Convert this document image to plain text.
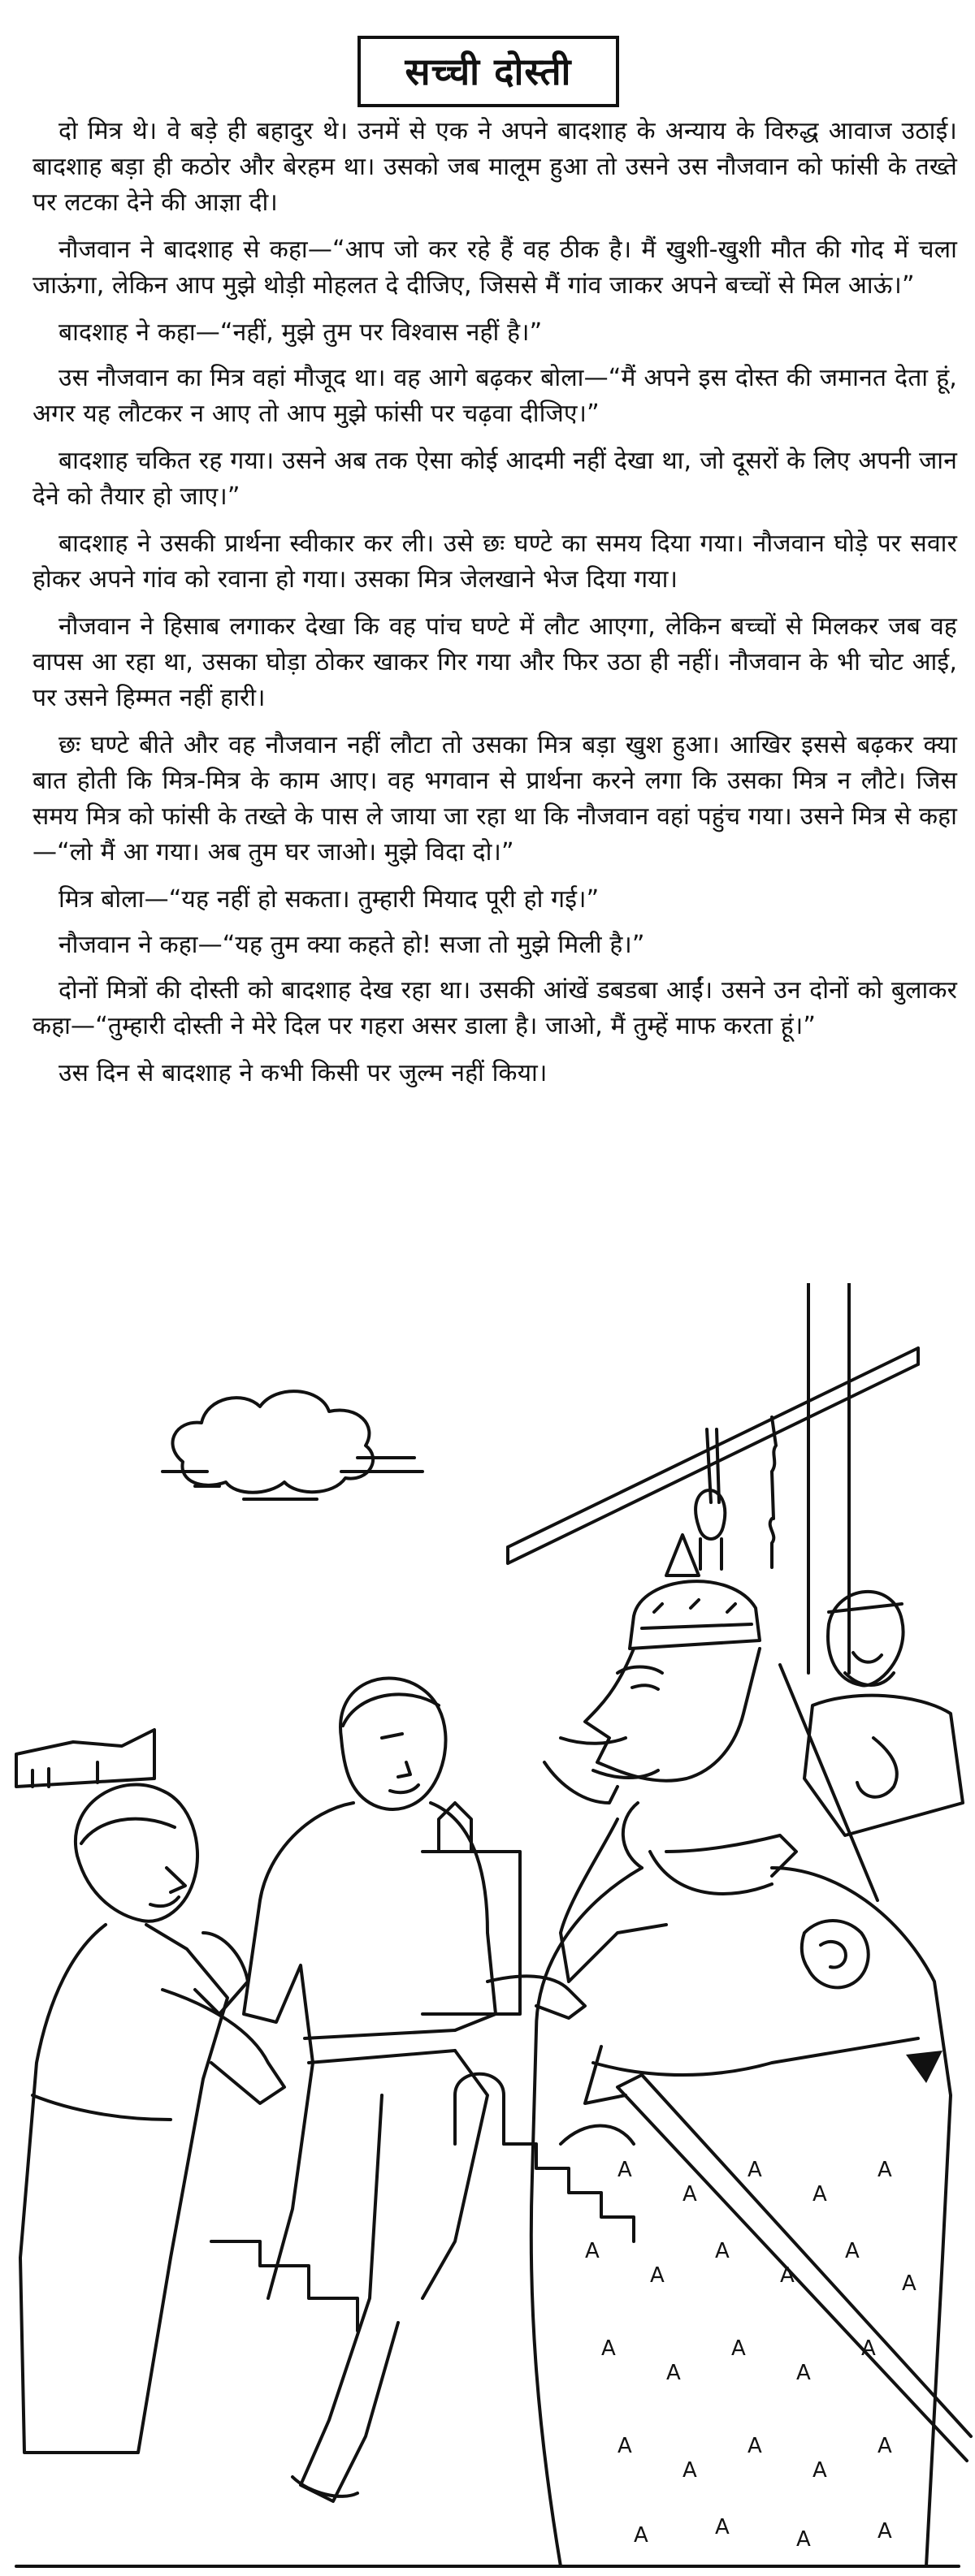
सच्ची दोस्ती

दो मित्र थे। वे बड़े ही बहादुर थे। उनमें से एक ने अपने बादशाह के अन्याय के विरुद्ध आवाज उठाई। बादशाह बड़ा ही कठोर और बेरहम था। उसको जब मालूम हुआ तो उसने उस नौजवान को फांसी के तख्ते पर लटका देने की आज्ञा दी।

नौजवान ने बादशाह से कहा—“आप जो कर रहे हैं वह ठीक है। मैं खुशी-खुशी मौत की गोद में चला जाऊंगा, लेकिन आप मुझे थोड़ी मोहलत दे दीजिए, जिससे मैं गांव जाकर अपने बच्चों से मिल आऊं।”

बादशाह ने कहा—“नहीं, मुझे तुम पर विश्वास नहीं है।”

उस नौजवान का मित्र वहां मौजूद था। वह आगे बढ़कर बोला—“मैं अपने इस दोस्त की जमानत देता हूं, अगर यह लौटकर न आए तो आप मुझे फांसी पर चढ़वा दीजिए।”

बादशाह चकित रह गया। उसने अब तक ऐसा कोई आदमी नहीं देखा था, जो दूसरों के लिए अपनी जान देने को तैयार हो जाए।”

बादशाह ने उसकी प्रार्थना स्वीकार कर ली। उसे छः घण्टे का समय दिया गया। नौजवान घोड़े पर सवार होकर अपने गांव को रवाना हो गया। उसका मित्र जेलखाने भेज दिया गया।

नौजवान ने हिसाब लगाकर देखा कि वह पांच घण्टे में लौट आएगा, लेकिन बच्चों से मिलकर जब वह वापस आ रहा था, उसका घोड़ा ठोकर खाकर गिर गया और फिर उठा ही नहीं। नौजवान के भी चोट आई, पर उसने हिम्मत नहीं हारी।

छः घण्टे बीते और वह नौजवान नहीं लौटा तो उसका मित्र बड़ा खुश हुआ। आखिर इससे बढ़कर क्या बात होती कि मित्र-मित्र के काम आए। वह भगवान से प्रार्थना करने लगा कि उसका मित्र न लौटे। जिस समय मित्र को फांसी के तख्ते के पास ले जाया जा रहा था कि नौजवान वहां पहुंच गया। उसने मित्र से कहा—“लो मैं आ गया। अब तुम घर जाओ। मुझे विदा दो।”

मित्र बोला—“यह नहीं हो सकता। तुम्हारी मियाद पूरी हो गई।”

नौजवान ने कहा—“यह तुम क्या कहते हो! सजा तो मुझे मिली है।”

दोनों मित्रों की दोस्ती को बादशाह देख रहा था। उसकी आंखें डबडबा आईं। उसने उन दोनों को बुलाकर कहा—“तुम्हारी दोस्ती ने मेरे दिल पर गहरा असर डाला है। जाओ, मैं तुम्हें माफ करता हूं।”

उस दिन से बादशाह ने कभी किसी पर जुल्म नहीं किया।

A
A
A
A
A
A
A
A
A
A
A
A
A
A
A
A
A
A
A
A
A
A	A	A	A
